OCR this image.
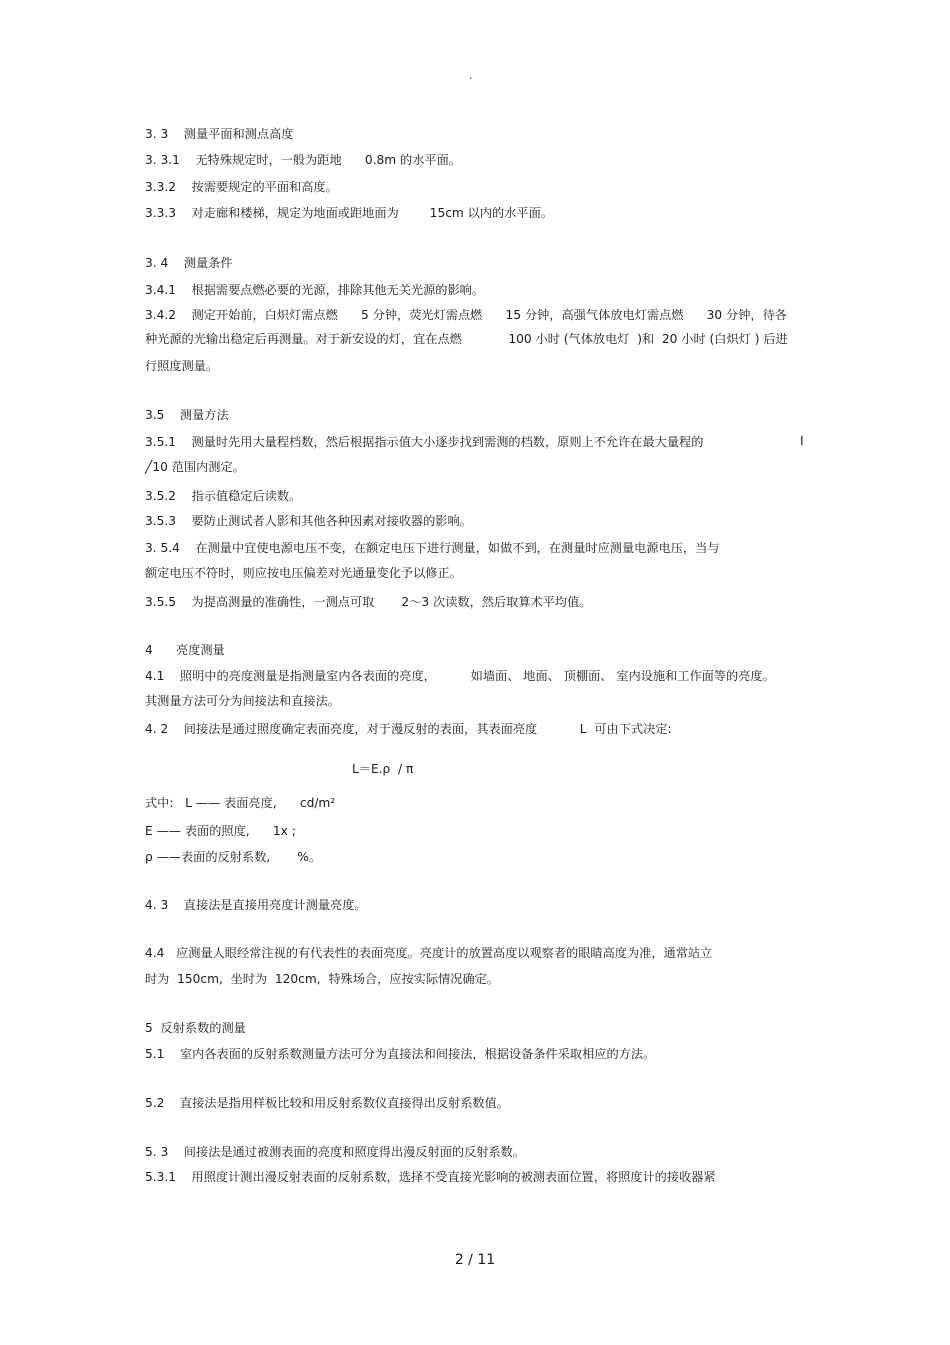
·

3. 3    测量平面和测点高度

3. 3.1    无特殊规定时，一般为距地      0.8m 的水平面。

3.3.2    按需要规定的平面和高度。

3.3.3    对走廊和楼梯，规定为地面或距地面为        15cm 以内的水平面。

3. 4    测量条件

3.4.1    根据需要点燃必要的光源，排除其他无关光源的影响。

3.4.2    测定开始前，白炽灯需点燃      5 分钟，荧光灯需点燃      15 分钟，高强气体放电灯需点燃      30 分钟，待各

种光源的光输出稳定后再测量。对于新安设的灯，宜在点燃            100 小时 (气体放电灯  )和  20 小时 (白炽灯 ) 后进

行照度测量。

3.5    测量方法

3.5.1    测量时先用大量程档数，然后根据指示值大小逐步找到需测的档数，原则上不允许在最大量程的	I

╱10 范围内测定。

3.5.2    指示值稳定后读数。

3.5.3    要防止测试者人影和其他各种因素对接收器的影响。

3. 5.4    在测量中宜使电源电压不变，在额定电压下进行测量，如做不到，在测量时应测量电源电压，当与

额定电压不符时，则应按电压偏差对光通量变化予以修正。

3.5.5    为提高测量的准确性，一测点可取       2～3 次读数，然后取算术平均值。

4      亮度测量

4.1    照明中的亮度测量是指测量室内各表面的亮度，         如墙面、 地面、 顶棚面、 室内设施和工作面等的亮度。

其测量方法可分为间接法和直接法。

4. 2    间接法是通过照度确定表面亮度，对于漫反射的表面，其表面亮度           L  可由下式决定:

L＝E.ρ  / π

式中:   L —— 表面亮度,      cd/m²

E —— 表面的照度,      1x ;

ρ ——表面的反射系数,       %。

4. 3    直接法是直接用亮度计测量亮度。

4.4   应测量人眼经常注视的有代表性的表面亮度。亮度计的放置高度以观察者的眼睛高度为准，通常站立

时为  150cm,  坐时为  120cm,  特殊场合，应按实际情况确定。

5  反射系数的测量

5.1    室内各表面的反射系数测量方法可分为直接法和间接法，根据设备条件采取相应的方法。

5.2    直接法是指用样板比较和用反射系数仪直接得出反射系数值。

5. 3    间接法是通过被测表面的亮度和照度得出漫反射面的反射系数。

5.3.1    用照度计测出漫反射表面的反射系数，选择不受直接光影响的被测表面位置，将照度计的接收器紧

2 / 11
